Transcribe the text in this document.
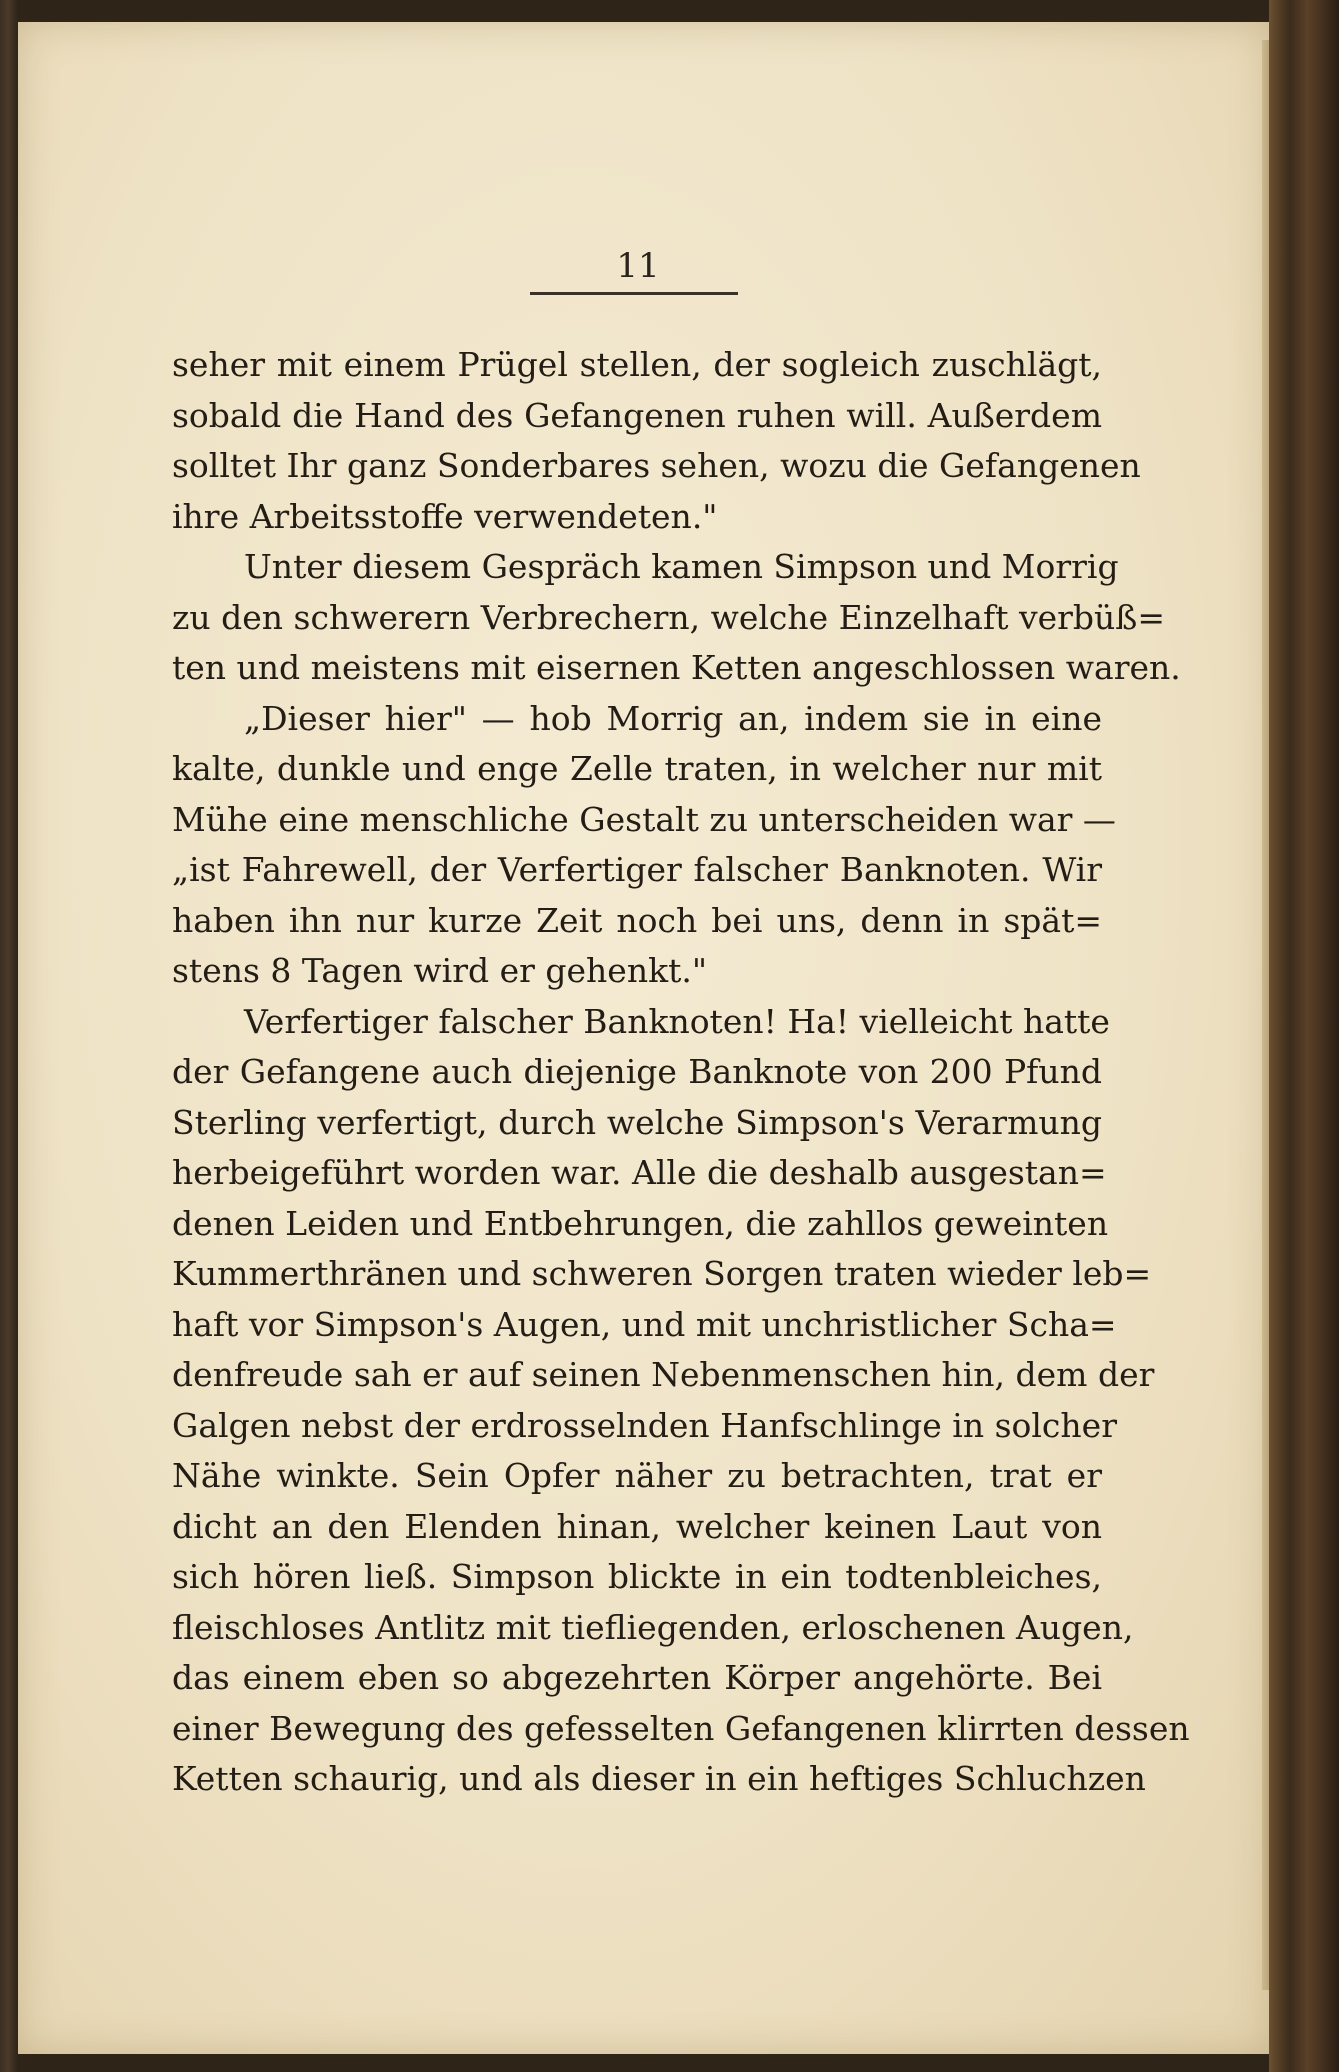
11
seher mit einem Prügel stellen, der sogleich zuschlägt,
sobald die Hand des Gefangenen ruhen will. Außerdem
solltet Ihr ganz Sonderbares sehen, wozu die Gefangenen
ihre Arbeitsstoffe verwendeten."
Unter diesem Gespräch kamen Simpson und Morrig
zu den schwerern Verbrechern, welche Einzelhaft verbüß=
ten und meistens mit eisernen Ketten angeschlossen waren.
„Dieser hier" — hob Morrig an, indem sie in eine
kalte, dunkle und enge Zelle traten, in welcher nur mit
Mühe eine menschliche Gestalt zu unterscheiden war —
„ist Fahrewell, der Verfertiger falscher Banknoten. Wir
haben ihn nur kurze Zeit noch bei uns, denn in spät=
stens 8 Tagen wird er gehenkt."
Verfertiger falscher Banknoten! Ha! vielleicht hatte
der Gefangene auch diejenige Banknote von 200 Pfund
Sterling verfertigt, durch welche Simpson's Verarmung
herbeigeführt worden war. Alle die deshalb ausgestan=
denen Leiden und Entbehrungen, die zahllos geweinten
Kummerthränen und schweren Sorgen traten wieder leb=
haft vor Simpson's Augen, und mit unchristlicher Scha=
denfreude sah er auf seinen Nebenmenschen hin, dem der
Galgen nebst der erdrosselnden Hanfschlinge in solcher
Nähe winkte. Sein Opfer näher zu betrachten, trat er
dicht an den Elenden hinan, welcher keinen Laut von
sich hören ließ. Simpson blickte in ein todtenbleiches,
fleischloses Antlitz mit tiefliegenden, erloschenen Augen,
das einem eben so abgezehrten Körper angehörte. Bei
einer Bewegung des gefesselten Gefangenen klirrten dessen
Ketten schaurig, und als dieser in ein heftiges Schluchzen
